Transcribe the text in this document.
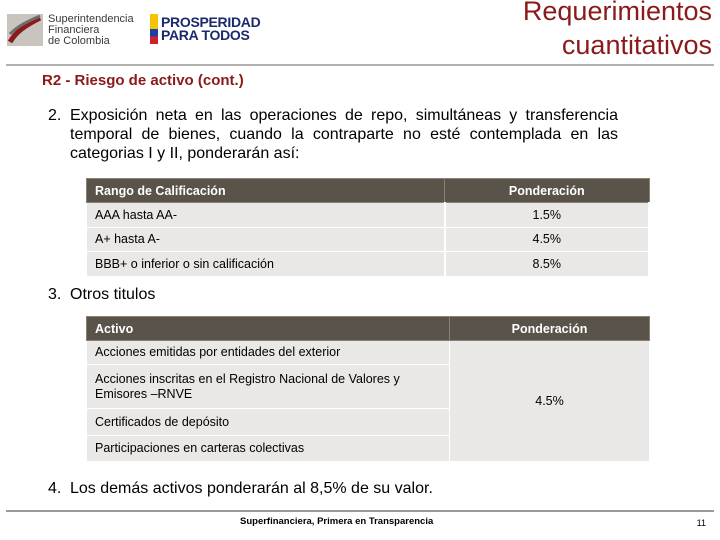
Superintendencia
Financiera
de Colombia
PROSPERIDAD
PARA TODOS
Requerimientos
cuantitativos
R2 - Riesgo de activo (cont.)
2. Exposición neta en las operaciones de repo, simultáneas y transferencia temporal de bienes, cuando la contraparte no esté contemplada en las categorias I y II, ponderarán así:
Rango de Calificación	Ponderación
AAA hasta AA-	1.5%
A+ hasta A-	4.5%
BBB+ o inferior o sin calificación	8.5%
3. Otros titulos
Activo	Ponderación
Acciones emitidas por entidades del exterior	4.5%
Acciones inscritas en el Registro Nacional de Valores y Emisores –RNVE	
Certificados de depósito	
Participaciones en carteras colectivas	
4. Los demás activos ponderarán al 8,5% de su valor.
Superfinanciera, Primera en Transparencia	11
